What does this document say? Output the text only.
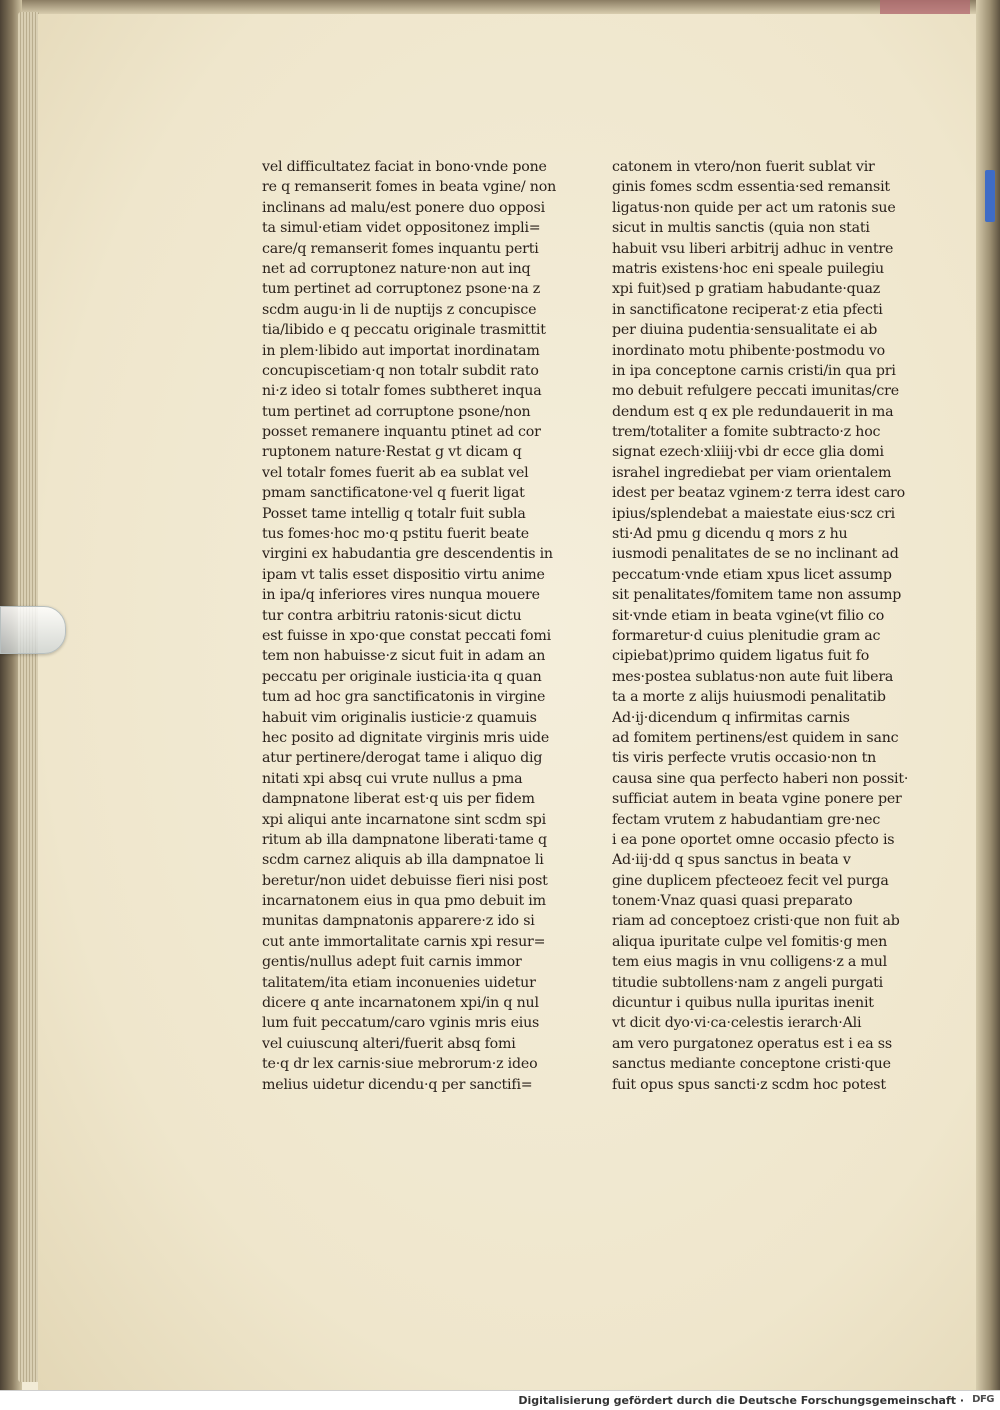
vel difficultatez faciat in bono·vnde pone
re q remanserit fomes in beata vgine/ non
inclinans ad malu/est ponere duo opposi
ta simul·etiam videt oppositonez impli=
care/q remanserit fomes inquantu perti
net ad corruptonez nature·non aut inq
tum pertinet ad corruptonez psone·na z
scdm augu·in li de nuptijs z concupisce
tia/libido e q peccatu originale trasmittit
in plem·libido aut importat inordinatam
concupiscetiam·q non totalr subdit rato
ni·z ideo si totalr fomes subtheret inqua
tum pertinet ad corruptone psone/non
posset remanere inquantu ptinet ad cor
ruptonem nature·Restat g vt dicam q
vel totalr fomes fuerit ab ea sublat vel
pmam sanctificatone·vel q fuerit ligat
Posset tame intellig q totalr fuit subla
tus fomes·hoc mo·q pstitu fuerit beate
virgini ex habudantia gre descendentis in
ipam vt talis esset dispositio virtu anime
in ipa/q inferiores vires nunqua mouere
tur contra arbitriu ratonis·sicut dictu
est fuisse in xpo·que constat peccati fomi
tem non habuisse·z sicut fuit in adam an
peccatu per originale iusticia·ita q quan
tum ad hoc gra sanctificatonis in virgine
habuit vim originalis iusticie·z quamuis
hec posito ad dignitate virginis mris uide
atur pertinere/derogat tame i aliquo dig
nitati xpi absq cui vrute nullus a pma
dampnatone liberat est·q uis per fidem
xpi aliqui ante incarnatone sint scdm spi
ritum ab illa dampnatone liberati·tame q
scdm carnez aliquis ab illa dampnatoe li
beretur/non uidet debuisse fieri nisi post
incarnatonem eius in qua pmo debuit im
munitas dampnatonis apparere·z ido si
cut ante immortalitate carnis xpi resur=
gentis/nullus adept fuit carnis immor
talitatem/ita etiam inconuenies uidetur
dicere q ante incarnatonem xpi/in q nul
lum fuit peccatum/caro vginis mris eius
vel cuiuscunq alteri/fuerit absq fomi
te·q dr lex carnis·siue mebrorum·z ideo
melius uidetur dicendu·q per sanctifi=
catonem in vtero/non fuerit sublat vir
ginis fomes scdm essentia·sed remansit
ligatus·non quide per act um ratonis sue
sicut in multis sanctis (quia non stati
habuit vsu liberi arbitrij adhuc in ventre
matris existens·hoc eni speale puilegiu
xpi fuit)sed p gratiam habudante·quaz
in sanctificatone reciperat·z etia pfecti
per diuina pudentia·sensualitate ei ab
inordinato motu phibente·postmodu vo
in ipa conceptone carnis cristi/in qua pri
mo debuit refulgere peccati imunitas/cre
dendum est q ex ple redundauerit in ma
trem/totaliter a fomite subtracto·z hoc
signat ezech·xliiij·vbi dr ecce glia domi
israhel ingrediebat per viam orientalem
idest per beataz vginem·z terra idest caro
ipius/splendebat a maiestate eius·scz cri
sti·Ad pmu g dicendu q mors z hu
iusmodi penalitates de se no inclinant ad
peccatum·vnde etiam xpus licet assump
sit penalitates/fomitem tame non assump
sit·vnde etiam in beata vgine(vt filio co
formaretur·d cuius plenitudie gram ac
cipiebat)primo quidem ligatus fuit fo
mes·postea sublatus·non aute fuit libera
ta a morte z alijs huiusmodi penalitatib
Ad·ij·dicendum q infirmitas carnis
ad fomitem pertinens/est quidem in sanc
tis viris perfecte vrutis occasio·non tn
causa sine qua perfecto haberi non possit·
sufficiat autem in beata vgine ponere per
fectam vrutem z habudantiam gre·nec
i ea pone oportet omne occasio pfecto is
Ad·iij·dd q spus sanctus in beata v
gine duplicem pfecteoez fecit vel purga
tonem·Vnaz quasi quasi preparato
riam ad conceptoez cristi·que non fuit ab
aliqua ipuritate culpe vel fomitis·g men
tem eius magis in vnu colligens·z a mul
titudie subtollens·nam z angeli purgati
dicuntur i quibus nulla ipuritas inenit
vt dicit dyo·vi·ca·celestis ierarch·Ali
am vero purgatonez operatus est i ea ss
sanctus mediante conceptone cristi·que
fuit opus spus sancti·z scdm hoc potest
Digitalisierung gefördert durch die Deutsche Forschungsgemeinschaft · DFG
